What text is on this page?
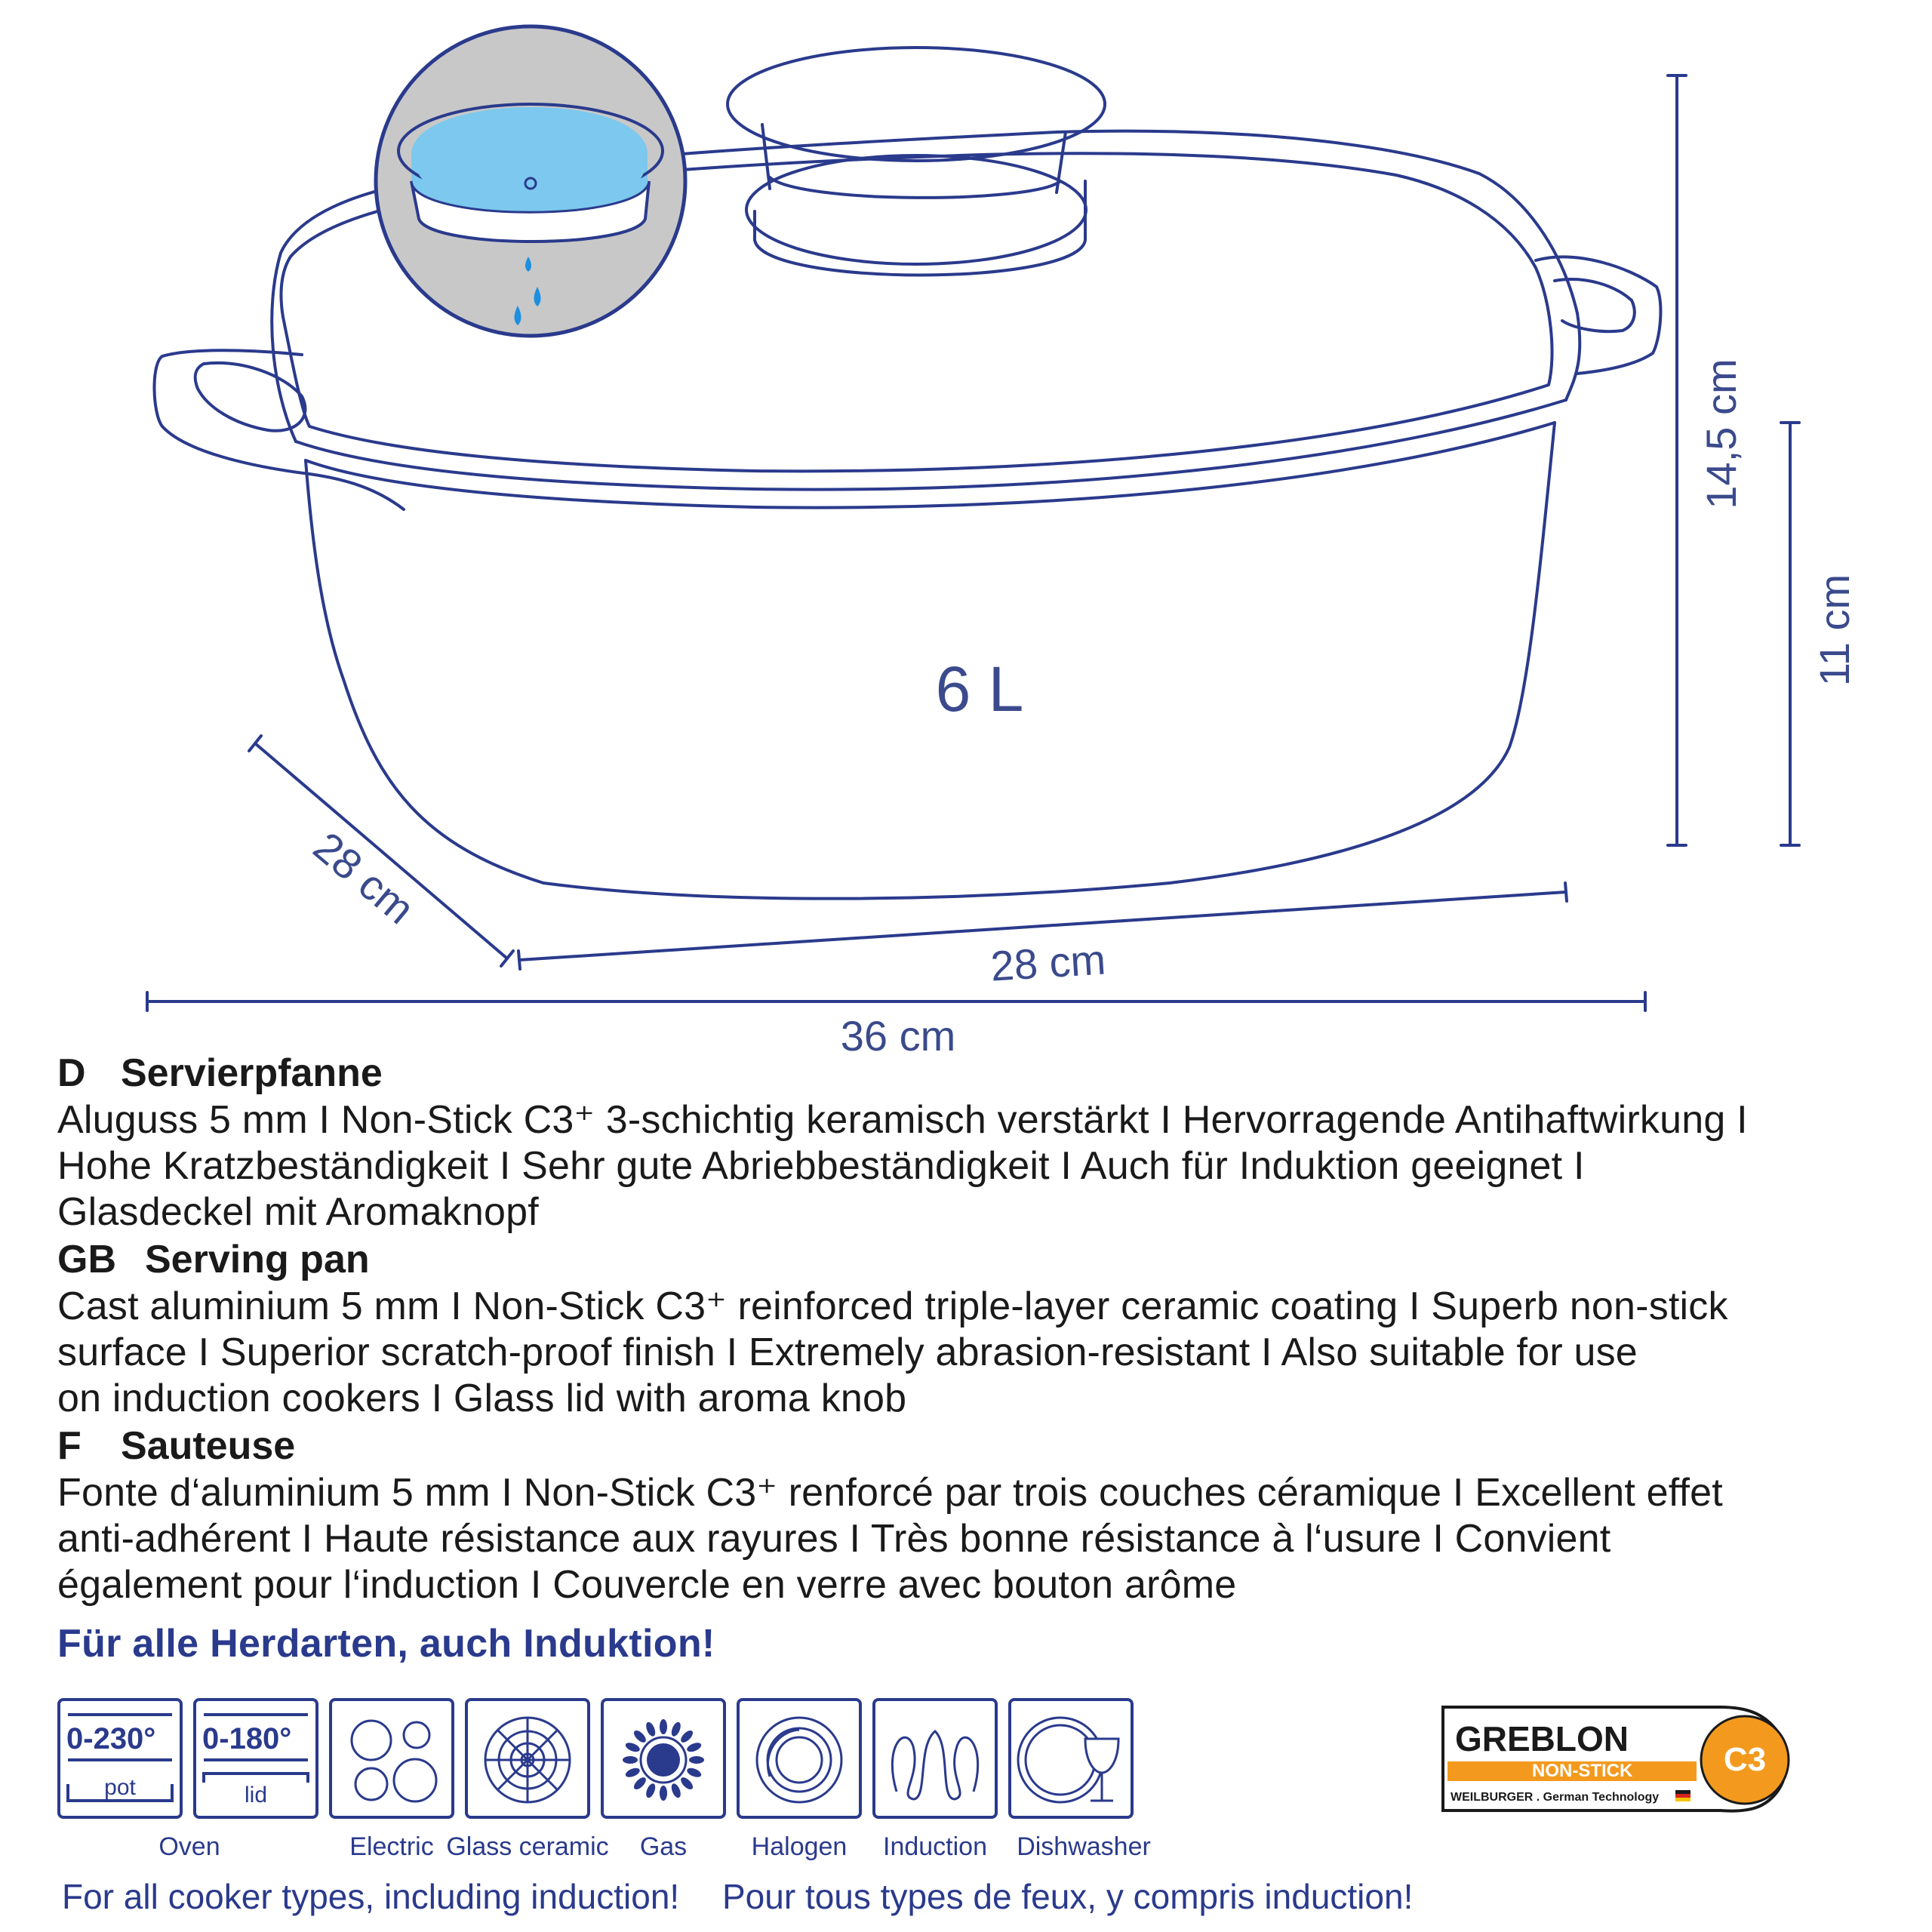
6 L
14,5 cm
11 cm
28 cm
28 cm
36 cm
D Servierpfanne
Aluguss 5 mm I Non-Stick C3⁺ 3-schichtig keramisch verstärkt I Hervorragende Antihaftwirkung I
Hohe Kratzbeständigkeit I Sehr gute Abriebbeständigkeit I Auch für Induktion geeignet I
Glasdeckel mit Aromaknopf
GB Serving pan
Cast aluminium 5 mm I Non-Stick C3⁺ reinforced triple-layer ceramic coating I Superb non-stick
surface I Superior scratch-proof finish I Extremely abrasion-resistant I Also suitable for use
on induction cookers I Glass lid with aroma knob
F Sauteuse
Fonte d‘aluminium 5 mm I Non-Stick C3⁺ renforcé par trois couches céramique I Excellent effet
anti-adhérent I Haute résistance aux rayures I Très bonne résistance à l‘usure I Convient
également pour l‘induction I Couvercle en verre avec bouton arôme
Für alle Herdarten, auch Induktion!
0-230°
pot
0-180°
lid
Oven	Electric Glass ceramic	Gas	Halogen	Induction	Dishwasher
GREBLON
NON-STICK	C3
WEILBURGER . German Technology
For all cooker types, including induction! Pour tous types de feux, y compris induction!
